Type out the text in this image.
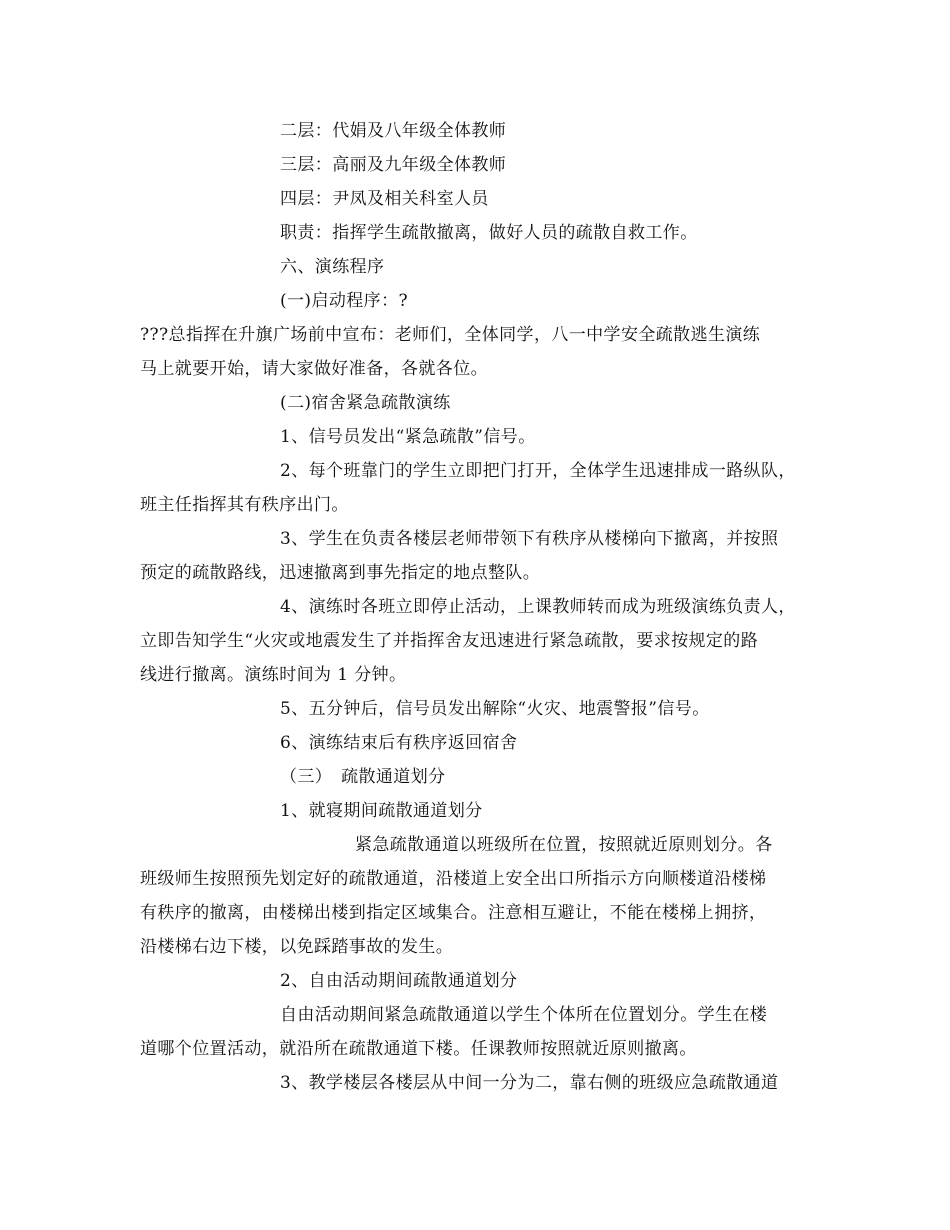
二层：代娟及八年级全体教师
三层：高丽及九年级全体教师
四层：尹凤及相关科室人员
职责：指挥学生疏散撤离，做好人员的疏散自救工作。
六、演练程序
(一)启动程序：?
???总指挥在升旗广场前中宣布：老师们，全体同学，八一中学安全疏散逃生演练
马上就要开始，请大家做好准备，各就各位。
(二)宿舍紧急疏散演练
1、信号员发出“紧急疏散”信号。
2、每个班靠门的学生立即把门打开，全体学生迅速排成一路纵队，
班主任指挥其有秩序出门。
3、学生在负责各楼层老师带领下有秩序从楼梯向下撤离，并按照
预定的疏散路线，迅速撤离到事先指定的地点整队。
4、演练时各班立即停止活动，上课教师转而成为班级演练负责人，
立即告知学生“火灾或地震发生了并指挥舍友迅速进行紧急疏散，要求按规定的路
线进行撤离。演练时间为 1 分钟。
5、五分钟后，信号员发出解除“火灾、地震警报”信号。
6、演练结束后有秩序返回宿舍
（三）　疏散通道划分
1、就寝期间疏散通道划分
紧急疏散通道以班级所在位置，按照就近原则划分。各
班级师生按照预先划定好的疏散通道，沿楼道上安全出口所指示方向顺楼道沿楼梯
有秩序的撤离，由楼梯出楼到指定区域集合。注意相互避让，不能在楼梯上拥挤，
沿楼梯右边下楼，以免踩踏事故的发生。
2、自由活动期间疏散通道划分
自由活动期间紧急疏散通道以学生个体所在位置划分。学生在楼
道哪个位置活动，就沿所在疏散通道下楼。任课教师按照就近原则撤离。
3、教学楼层各楼层从中间一分为二，靠右侧的班级应急疏散通道
